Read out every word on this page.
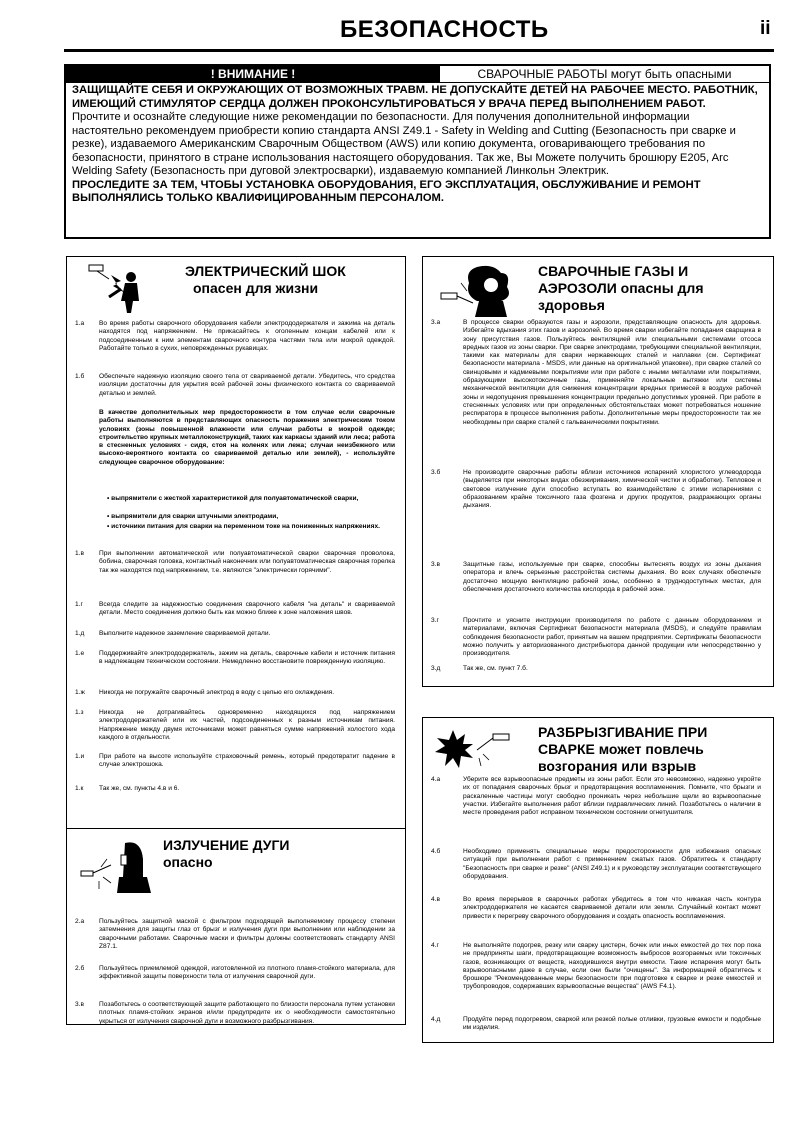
БЕЗОПАСНОСТЬ	ii
! ВНИМАНИЕ !	СВАРОЧНЫЕ РАБОТЫ могут быть опасными

ЗАЩИЩАЙТЕ СЕБЯ И ОКРУЖАЮЩИХ ОТ ВОЗМОЖНЫХ ТРАВМ. НЕ ДОПУСКАЙТЕ ДЕТЕЙ НА РАБОЧЕЕ МЕСТО. РАБОТНИК, ИМЕЮЩИЙ СТИМУЛЯТОР СЕРДЦА ДОЛЖЕН ПРОКОНСУЛЬТИРОВАТЬСЯ У ВРАЧА ПЕРЕД ВЫПОЛНЕНИЕМ РАБОТ.

Прочтите и осознайте следующие ниже рекомендации по безопасности. Для получения дополнительной информации настоятельно рекомендуем приобрести копию стандарта ANSI Z49.1 - Safety in Welding and Cutting (Безопасность при сварке и резке), издаваемого Американским Сварочным Обществом (AWS) или копию документа, оговаривающего требования по безопасности, принятого в стране использования настоящего оборудования. Так же, Вы Можете получить брошюру E205, Arc Welding Safety (Безопасность при дуговой электросварки), издаваемую компанией Линкольн Электрик.

ПРОСЛЕДИТЕ ЗА ТЕМ, ЧТОБЫ УСТАНОВКА ОБОРУДОВАНИЯ, ЕГО ЭКСПЛУАТАЦИЯ, ОБСЛУЖИВАНИЕ И РЕМОНТ ВЫПОЛНЯЛИСЬ ТОЛЬКО КВАЛИФИЦИРОВАННЫМ ПЕРСОНАЛОМ.

ЭЛЕКТРИЧЕСКИЙ ШОК
опасен для жизни
1.а Во время работы сварочного оборудования кабели электрододержателя и зажима на деталь находятся под напряжением. Не прикасайтесь к оголенным концам кабелей или к подсоединенным к ним элементам сварочного контура частями тела или мокрой одеждой. Работайте только в сухих, неповрежденных рукавицах.
1.б Обеспечьте надежную изоляцию своего тела от свариваемой детали. Убедитесь, что средства изоляции достаточны для укрытия всей рабочей зоны физического контакта со свариваемой деталью и землей.
В качестве дополнительных мер предосторожности в том случае если сварочные работы выполняются в представляющих опасность поражения электрическим током условиях (зоны повышенной влажности или случаи работы в мокрой одежде; строительство крупных металлоконструкций, таких как каркасы зданий или леса; работа в стесненных условиях - сидя, стоя на коленях или лежа; случаи неизбежного или высоко-вероятного контакта со свариваемой деталью или землей), - используйте следующее сварочное оборудование:
• выпрямители с жесткой характеристикой для полуавтоматической сварки,
• выпрямители для сварки штучными электродами,
• источники питания для сварки на переменном токе на пониженных напряжениях.
1.в При выполнении автоматической или полуавтоматической сварки сварочная проволока, бобина, сварочная головка, контактный наконечник или полуавтоматическая сварочная горелка так же находятся под напряжением, т.е. являются "электрически горячими".
1.г Всегда следите за надежностью соединения сварочного кабеля "на деталь" и свариваемой детали. Место соединения должно быть как можно ближе к зоне наложения швов.
1.д Выполните надежное заземление свариваемой детали.
1.е Поддерживайте электрододержатель, зажим на деталь, сварочные кабели и источник питания в надлежащем техническом состоянии. Немедленно восстановите поврежденную изоляцию.
1.ж Никогда не погружайте сварочный электрод в воду с целью его охлаждения.
1.з Никогда не дотрагивайтесь одновременно находящихся под напряжением электрододержателей или их частей, подсоединенных к разным источникам питания. Напряжение между двумя источниками может равняться сумме напряжений холостого хода каждого в отдельности.
1.и При работе на высоте используйте страховочный ремень, который предотвратит падение в случае электрошока.
1.к Так же, см. пункты 4.в и 6.
ИЗЛУЧЕНИЕ ДУГИ
опасно
2.а Пользуйтесь защитной маской с фильтром подходящей выполняемому процессу степени затемнения для защиты глаз от брызг и излучения дуги при выполнении или наблюдении за сварочными работами. Сварочные маски и фильтры должны соответствовать стандарту ANSI Z87.1.
2.б Пользуйтесь приемлемой одеждой, изготовленной из плотного пламя-стойкого материала, для эффективной защиты поверхности тела от излучения сварочной дуги.
3.в Позаботьтесь о соответствующей защите работающего по близости персонала путем установки плотных пламя-стойких экранов и/или предупредите их о необходимости самостоятельно укрыться от излучения сварочной дуги и возможного разбрызгивания.
СВАРОЧНЫЕ ГАЗЫ И
АЭРОЗОЛИ опасны для
здоровья
3.а	В процессе сварки образуются газы и аэрозоли, представляющие опасность для здоровья. Избегайте вдыхания этих газов и аэрозолей. Во время сварки избегайте попадания сварщика в зону присутствия газов. Пользуйтесь вентиляцией или специальными системами отсоса вредных газов из зоны сварки. При сварке электродами, требующими специальной вентиляции, такими как материалы для сварки нержавеющих сталей и наплавки (см. Сертификат безопасности материала - MSDS, или данные на оригинальной упаковке), при сварке сталей со свинцовыми и кадмиевыми покрытиями или при работе с иными металлами или покрытиями, образующими высокотоксичные газы, применяйте локальные вытяжки или системы механической вентиляции для снижения концентрации вредных примесей в воздухе рабочей зоны и недопущения превышения концентрации предельно допустимых уровней. При работе в стесненных условиях или при определенных обстоятельствах может потребоваться ношение респиратора в процессе выполнения работы. Дополнительные меры предосторожности так же необходимы при сварке сталей с гальваническими покрытиями.
3.б	Не производите сварочные работы вблизи источников испарений хлористого углеводорода (выделяется при некоторых видах обезжиривания, химической чистки и обработки). Тепловое и световое излучение дуги способно вступать во взаимодействие с этими испарениями с образованием крайне токсичного газа фозгена и других продуктов, раздражающих органы дыхания.
3.в	Защитные газы, используемые при сварке, способны вытеснять воздух из зоны дыхания оператора и влечь серьезные расстройства системы дыхания. Во всех случаях обеспечьте достаточно мощную вентиляцию рабочей зоны, особенно в труднодоступных местах, для обеспечения достаточного количества кислорода в рабочей зоне.
3.г	Прочтите и уясните инструкции производителя по работе с данным оборудованием и материалами, включая Сертификат безопасности материала (MSDS), и следуйте правилам соблюдения безопасности работ, принятым на вашем предприятии. Сертификаты безопасности можно получить у авторизованного дистрибьютора данной продукции или непосредственно у производителя.
3.д	Так же, см. пункт 7.б.
РАЗБРЫЗГИВАНИЕ ПРИ
СВАРКЕ может повлечь
возгорания или взрыв
4.а	Уберите все взрывоопасные предметы из зоны работ. Если это невозможно, надежно укройте их от попадания сварочных брызг и предотвращения воспламенения. Помните, что брызги и раскаленные частицы могут свободно проникать через небольшие щели во взрывоопасные участки. Избегайте выполнения работ вблизи гидравлических линий. Позаботьтесь о наличии в месте проведения работ исправном техническом состоянии огнетушителя.
4.б	Необходимо применять специальные меры предосторожности для избежания опасных ситуаций при выполнении работ с применением сжатых газов. Обратитесь к стандарту "Безопасность при сварке и резке" (ANSI Z49.1) и к руководству эксплуатации соответствующего оборудования.
4.в	Во время перерывов в сварочных работах убедитесь в том что никакая часть контура электрододержателя не касается свариваемой детали или земли. Случайный контакт может привести к перегреву сварочного оборудования и создать опасность воспламенения.
4.г	Не выполняйте подогрев, резку или сварку цистерн, бочек или иных емкостей до тех пор пока не предприняты шаги, предотвращающие возможность выбросов возгораемых или токсичных газов, возникающих от веществ, находившихся внутри емкости. Такие испарения могут быть взрывоопасными даже в случае, если они были "очищены". За информацией обратитесь к брошюре "Рекомендованные меры безопасности при подготовке к сварке и резке емкостей и трубопроводов, содержавших взрывоопасные вещества" (AWS F4.1).
4.д	Продуйте перед подогревом, сваркой или резкой полые отливки, грузовые емкости и подобные им изделия.
